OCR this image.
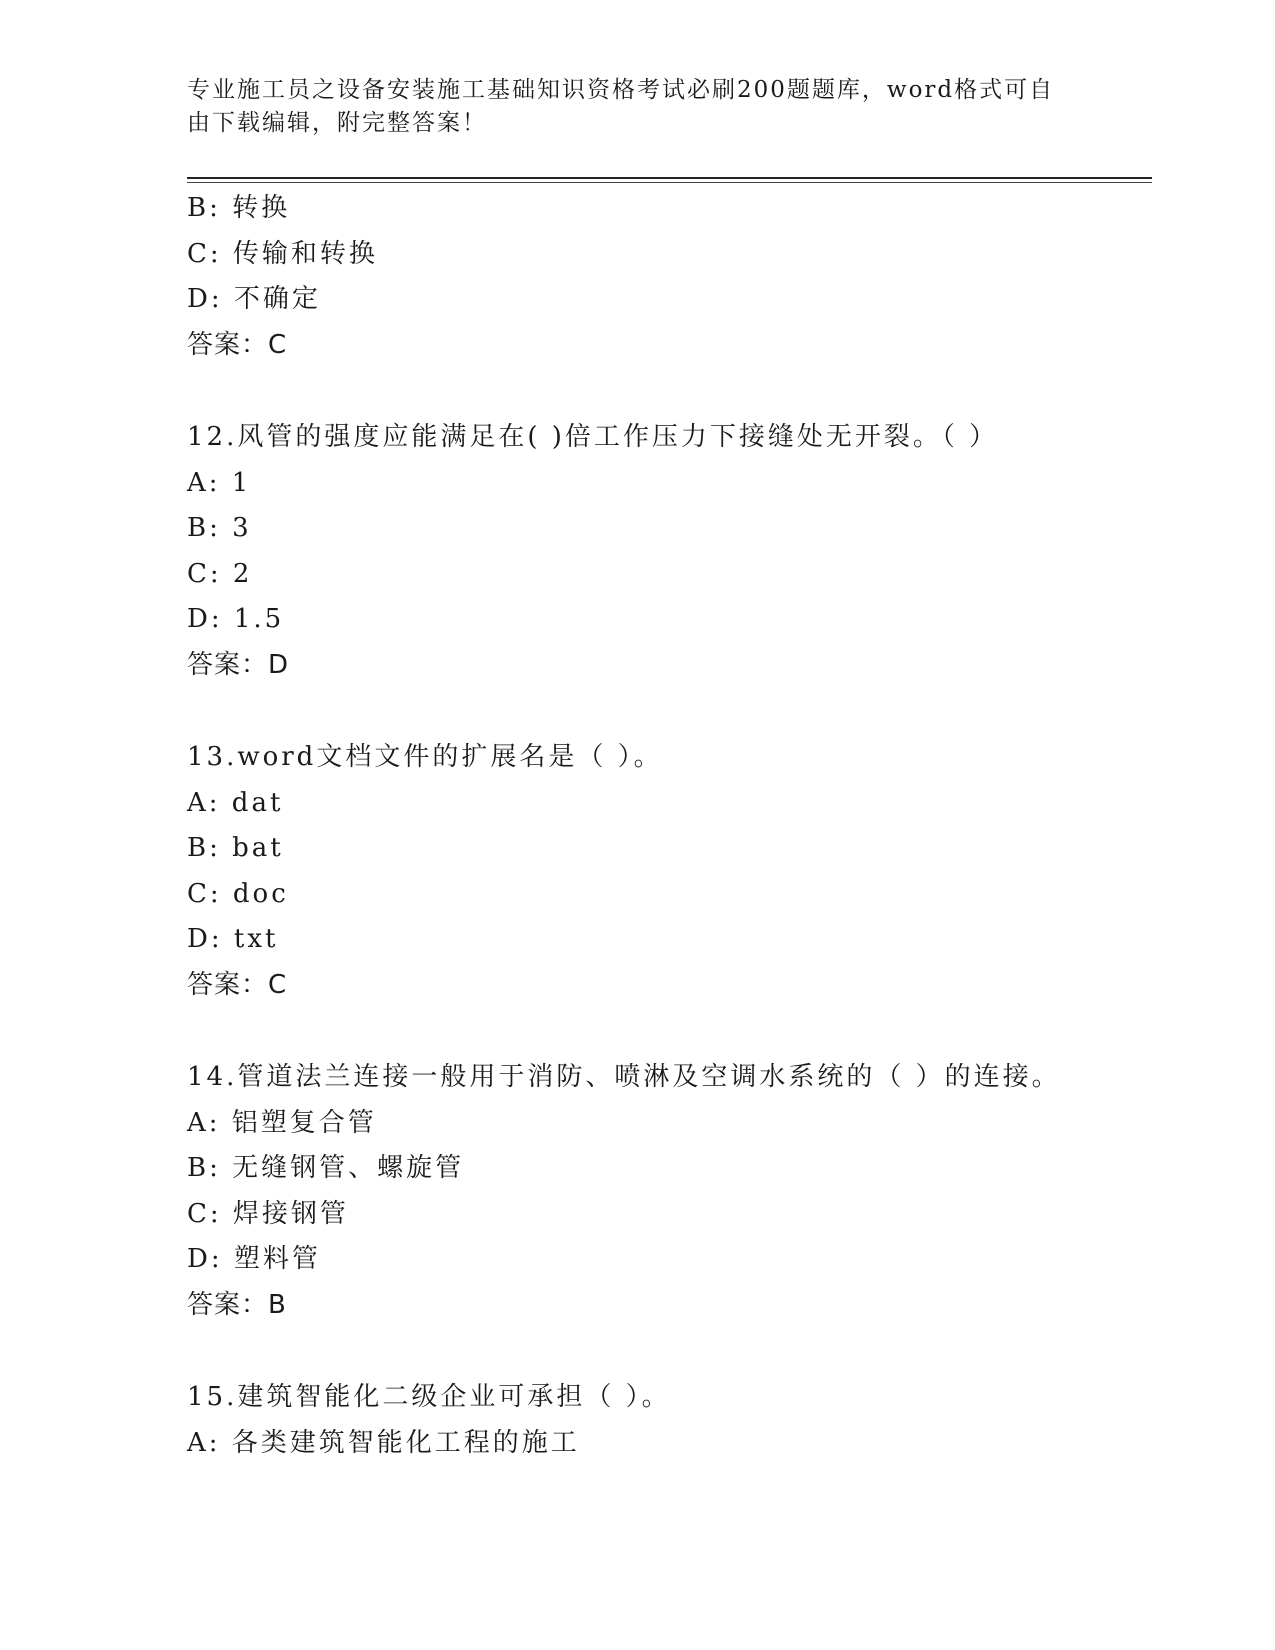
专业施工员之设备安装施工基础知识资格考试必刷200题题库，word格式可自由下载编辑，附完整答案！
B: 转换
C: 传输和转换
D: 不确定
答案：C
12.风管的强度应能满足在( )倍工作压力下接缝处无开裂。（ ）
A: 1
B: 3
C: 2
D: 1.5
答案：D
13.word文档文件的扩展名是（ ）。
A: dat
B: bat
C: doc
D: txt
答案：C
14.管道法兰连接一般用于消防、喷淋及空调水系统的（ ）的连接。
A: 铝塑复合管
B: 无缝钢管、螺旋管
C: 焊接钢管
D: 塑料管
答案：B
15.建筑智能化二级企业可承担（ ）。
A: 各类建筑智能化工程的施工
